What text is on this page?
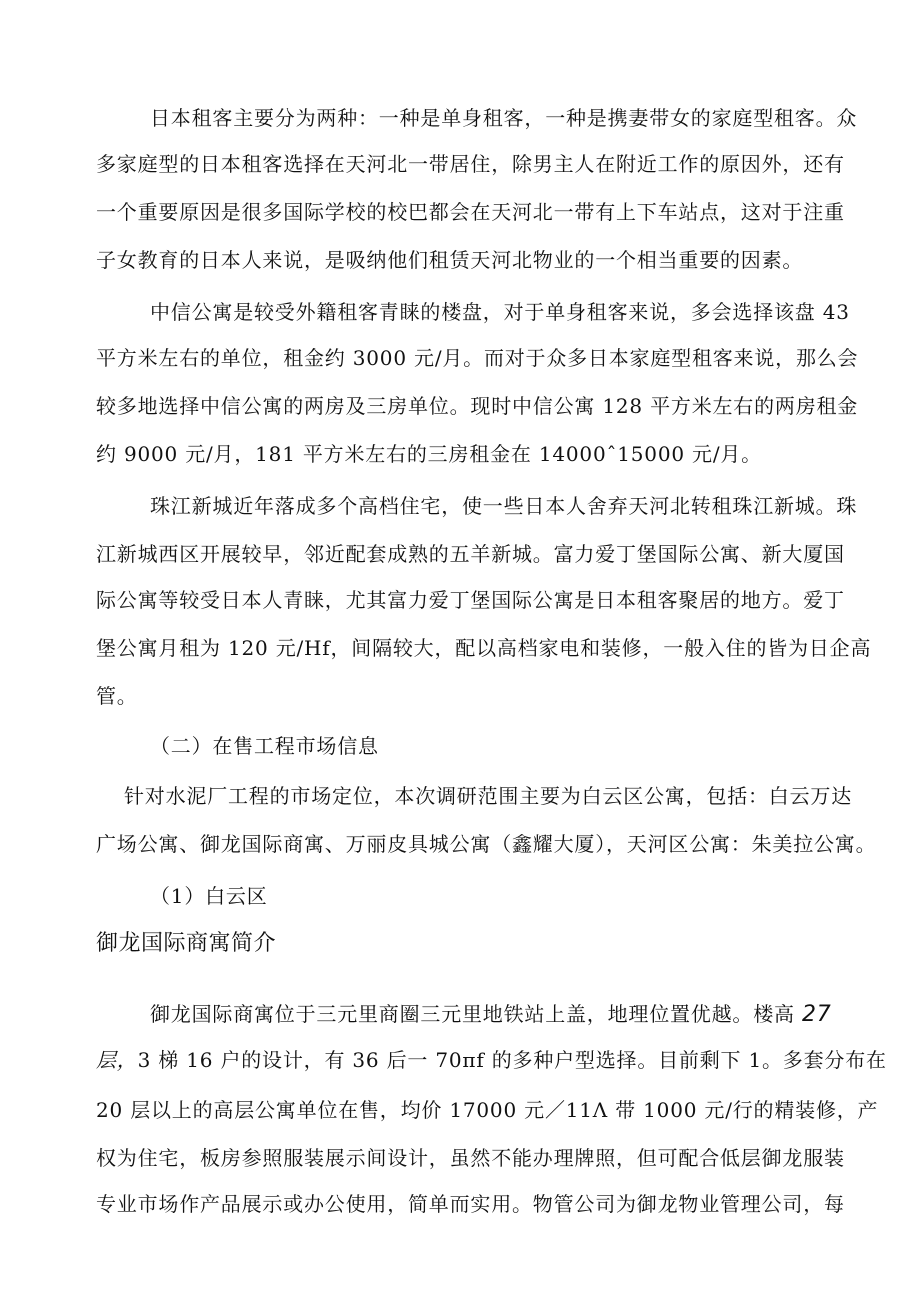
日本租客主要分为两种：一种是单身租客，一种是携妻带女的家庭型租客。众
多家庭型的日本租客选择在天河北一带居住，除男主人在附近工作的原因外，还有
一个重要原因是很多国际学校的校巴都会在天河北一带有上下车站点，这对于注重
子女教育的日本人来说，是吸纳他们租赁天河北物业的一个相当重要的因素。
中信公寓是较受外籍租客青睐的楼盘，对于单身租客来说，多会选择该盘 43
平方米左右的单位，租金约 3000 元/月。而对于众多日本家庭型租客来说，那么会
较多地选择中信公寓的两房及三房单位。现时中信公寓 128 平方米左右的两房租金
约 9000 元/月，181 平方米左右的三房租金在 14000ˆ15000 元/月。
珠江新城近年落成多个高档住宅，使一些日本人舍弃天河北转租珠江新城。珠
江新城西区开展较早，邻近配套成熟的五羊新城。富力爱丁堡国际公寓、新大厦国
际公寓等较受日本人青睐，尤其富力爱丁堡国际公寓是日本租客聚居的地方。爱丁
堡公寓月租为 120 元/Hf，间隔较大，配以高档家电和装修，一般入住的皆为日企高
管。
（二）在售工程市场信息
针对水泥厂工程的市场定位，本次调研范围主要为白云区公寓，包括：白云万达
广场公寓、御龙国际商寓、万丽皮具城公寓（鑫耀大厦），天河区公寓：朱美拉公寓。
（1）白云区
御龙国际商寓简介
御龙国际商寓位于三元里商圈三元里地铁站上盖，地理位置优越。楼高 27
层，3 梯 16 户的设计，有 36 后一 70πf 的多种户型选择。目前剩下 1。多套分布在
20 层以上的高层公寓单位在售，均价 17000 元／11Λ 带 1000 元/行的精装修，产
权为住宅，板房参照服装展示间设计，虽然不能办理牌照，但可配合低层御龙服装
专业市场作产品展示或办公使用，简单而实用。物管公司为御龙物业管理公司，每
